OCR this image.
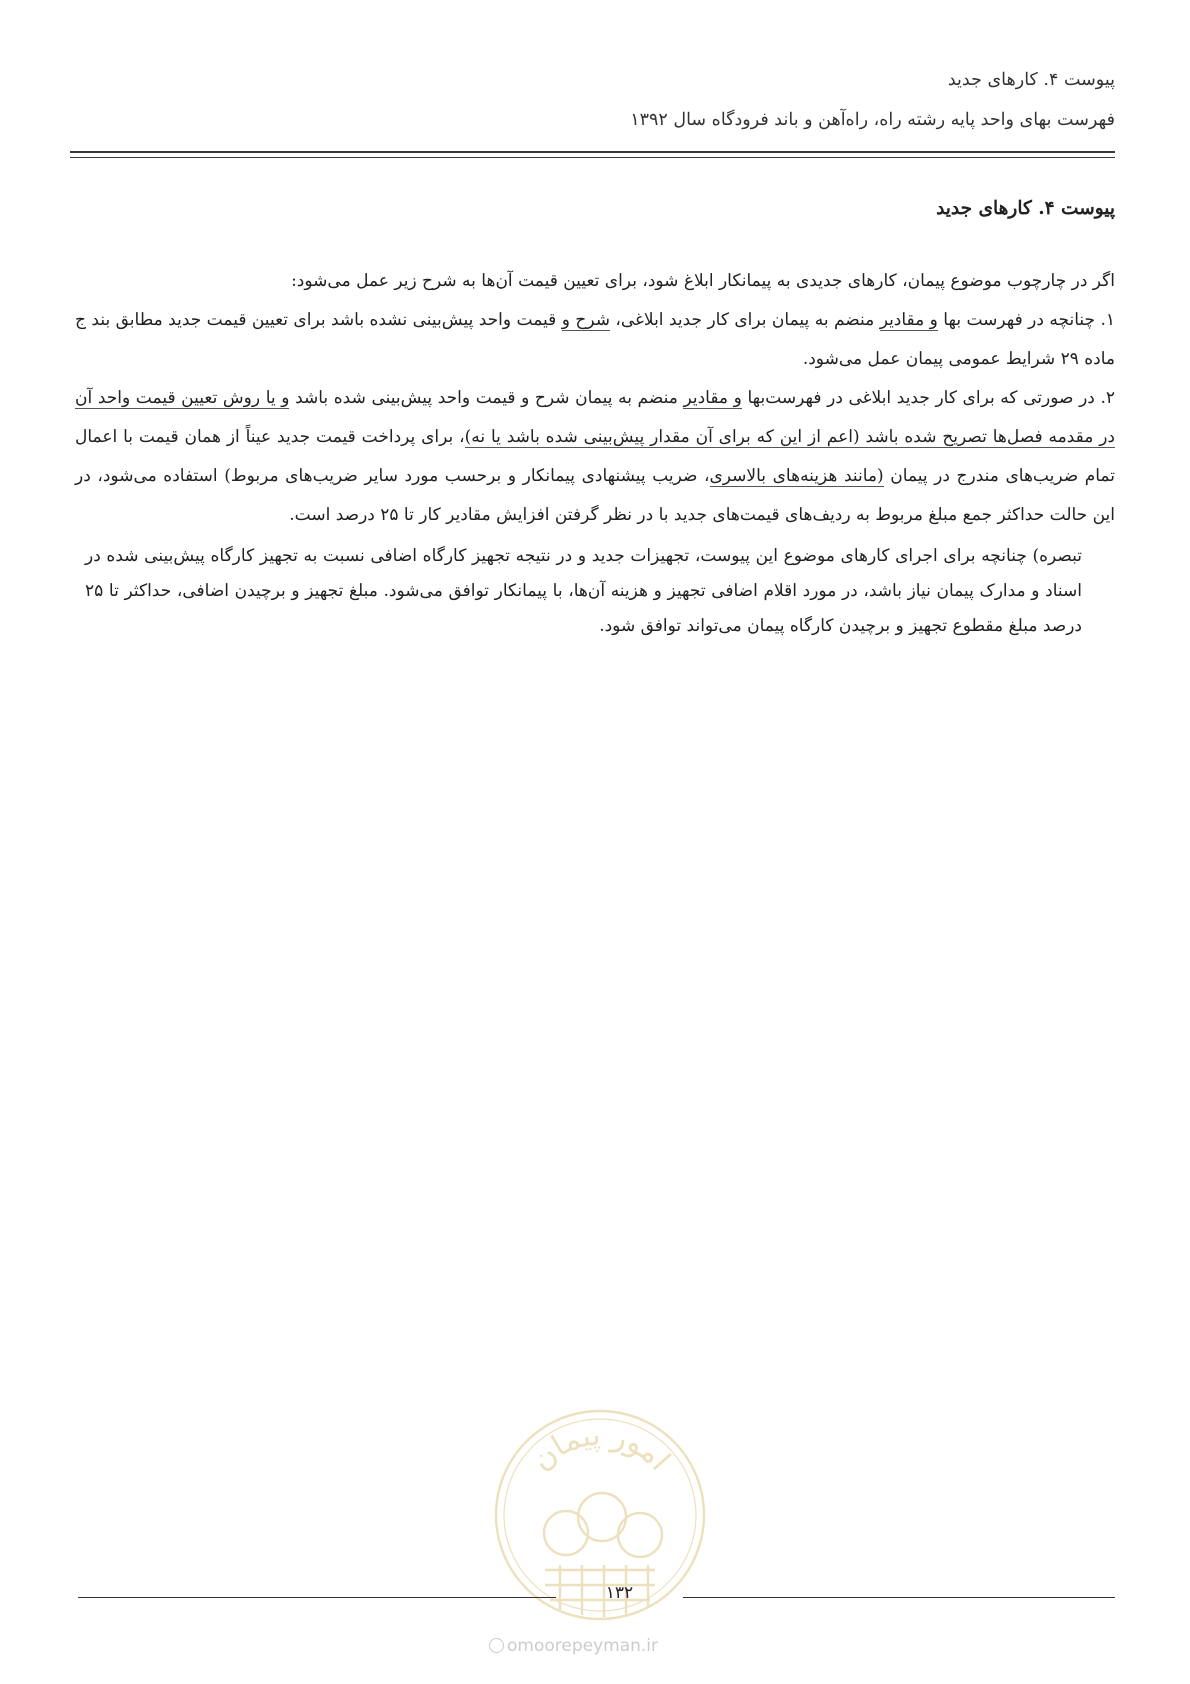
پیوست ۴. کارهای جدید
فهرست بهای واحد پایه رشته راه، راه‌آهن و باند فرودگاه سال ۱۳۹۲
پیوست ۴. کارهای جدید

اگر در چارچوب موضوع پیمان، کارهای جدیدی به پیمانکار ابلاغ شود، برای تعیین قیمت آن‌ها به شرح زیر عمل می‌شود:

۱. چنانچه در فهرست بها و مقادیر منضم به پیمان برای کار جدید ابلاغی، شرح و قیمت واحد پیش‌بینی نشده باشد برای تعیین قیمت جدید مطابق بند ج ماده ۲۹ شرایط عمومی پیمان عمل می‌شود.

۲. در صورتی که برای کار جدید ابلاغی در فهرست‌بها و مقادیر منضم به پیمان شرح و قیمت واحد پیش‌بینی شده باشد و یا روش تعیین قیمت واحد آن در مقدمه فصل‌ها تصریح شده باشد (اعم از این که برای آن مقدار پیش‌بینی شده باشد یا نه)، برای پرداخت قیمت جدید عیناً از همان قیمت با اعمال تمام ضریب‌های مندرج در پیمان (مانند هزینه‌های بالاسری، ضریب پیشنهادی پیمانکار و برحسب مورد سایر ضریب‌های مربوط) استفاده می‌شود، در این حالت حداکثر جمع مبلغ مربوط به ردیف‌های قیمت‌های جدید با در نظر گرفتن افزایش مقادیر کار تا ۲۵ درصد است.

تبصره) چنانچه برای اجرای کارهای موضوع این پیوست، تجهیزات جدید و در نتیجه تجهیز کارگاه اضافی نسبت به تجهیز کارگاه پیش‌بینی شده در اسناد و مدارک پیمان نیاز باشد، در مورد اقلام اضافی تجهیز و هزینه آن‌ها، با پیمانکار توافق می‌شود. مبلغ تجهیز و برچیدن اضافی، حداکثر تا ۲۵ درصد مبلغ مقطوع تجهیز و برچیدن کارگاه پیمان می‌تواند توافق شود.

امور پیمان
۱۳۲
omoorepeyman.ir
